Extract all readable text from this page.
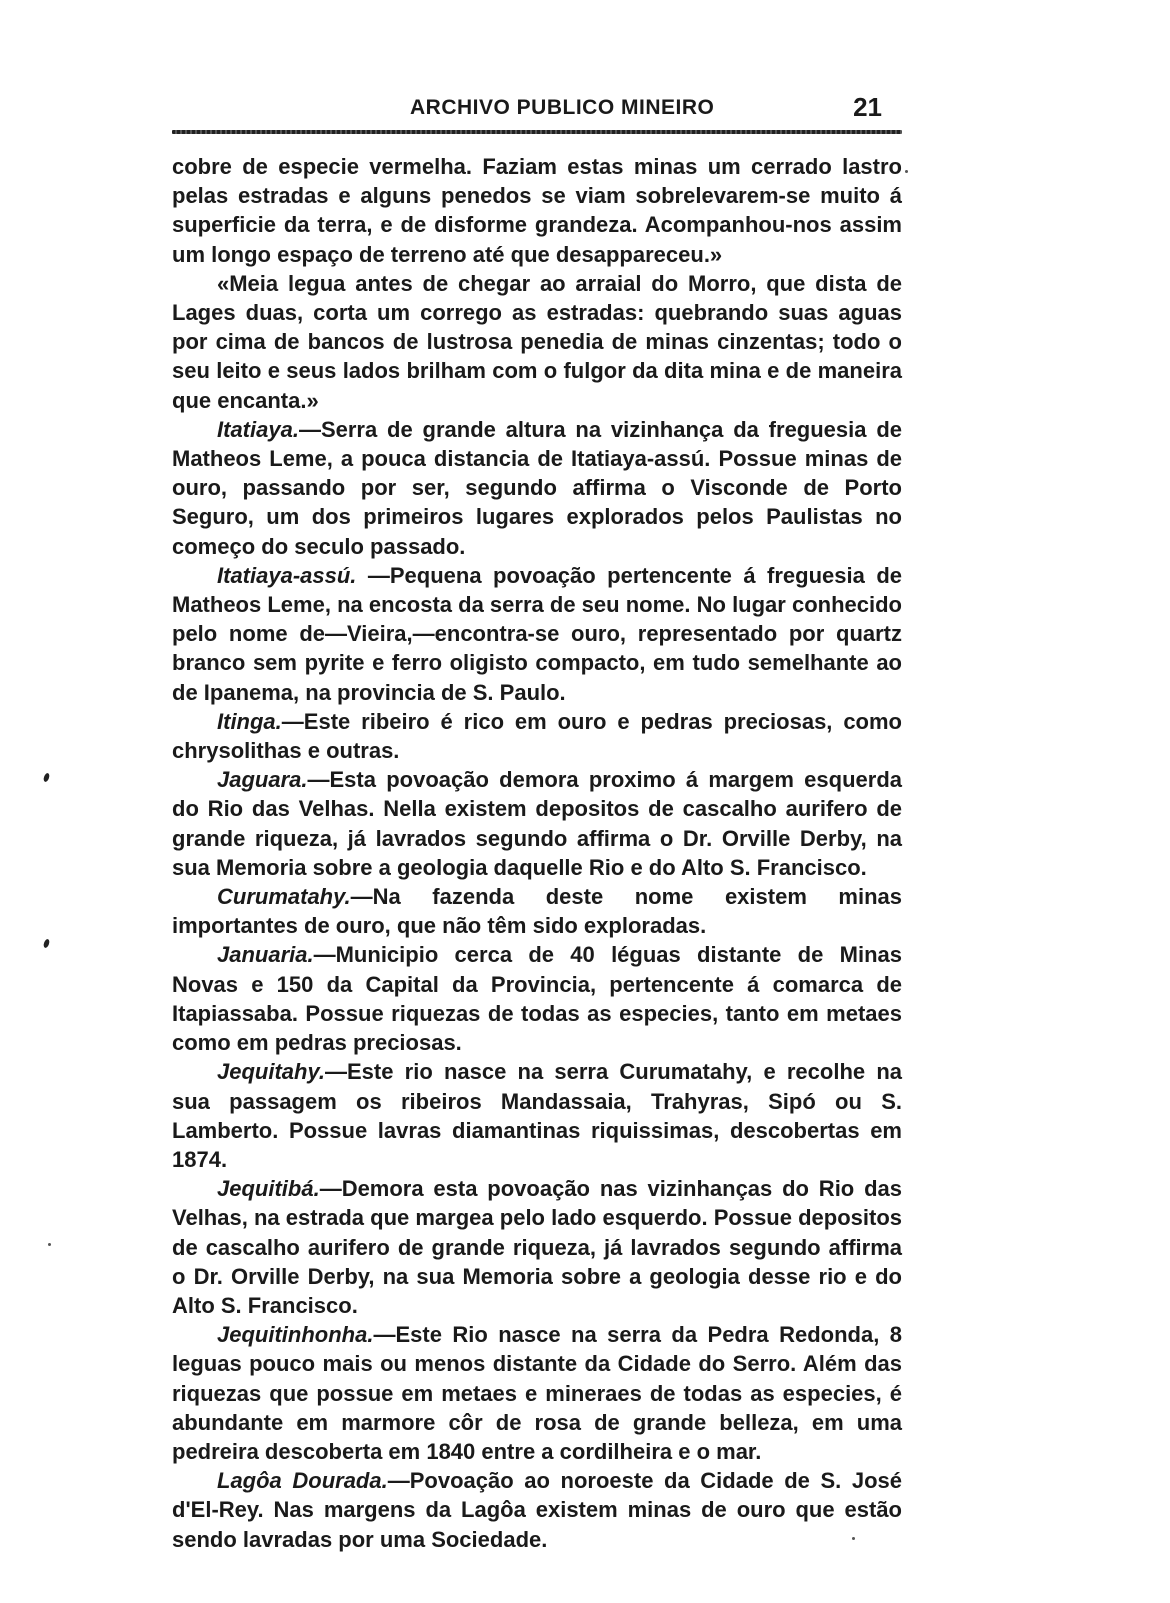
ARCHIVO PUBLICO MINEIRO	21

cobre de especie vermelha. Faziam estas minas um cerrado lastro pelas estradas e alguns penedos se viam sobrelevarem-se muito á superficie da terra, e de disforme grandeza. Acompanhou-nos assim um longo espaço de terreno até que desappareceu.»

«Meia legua antes de chegar ao arraial do Morro, que dista de Lages duas, corta um corrego as estradas: quebrando suas aguas por cima de bancos de lustrosa penedia de minas cinzentas; todo o seu leito e seus lados brilham com o fulgor da dita mina e de maneira que encanta.»

Itatiaya.—Serra de grande altura na vizinhança da freguesia de Matheos Leme, a pouca distancia de Itatiaya-assú. Possue minas de ouro, passando por ser, segundo affirma o Visconde de Porto Seguro, um dos primeiros lugares explorados pelos Paulistas no começo do seculo passado.

Itatiaya-assú. —Pequena povoação pertencente á freguesia de Matheos Leme, na encosta da serra de seu nome. No lugar conhecido pelo nome de—Vieira,—encontra-se ouro, representado por quartz branco sem pyrite e ferro oligisto compacto, em tudo semelhante ao de Ipanema, na provincia de S. Paulo.

Itinga.—Este ribeiro é rico em ouro e pedras preciosas, como chrysolithas e outras.

Jaguara.—Esta povoação demora proximo á margem esquerda do Rio das Velhas. Nella existem depositos de cascalho aurifero de grande riqueza, já lavrados segundo affirma o Dr. Orville Derby, na sua Memoria sobre a geologia daquelle Rio e do Alto S. Francisco.

Curumatahy.—Na fazenda deste nome existem minas importantes de ouro, que não têm sido exploradas.

Januaria.—Municipio cerca de 40 léguas distante de Minas Novas e 150 da Capital da Provincia, pertencente á comarca de Itapiassaba. Possue riquezas de todas as especies, tanto em metaes como em pedras preciosas.

Jequitahy.—Este rio nasce na serra Curumatahy, e recolhe na sua passagem os ribeiros Mandassaia, Trahyras, Sipó ou S. Lamberto. Possue lavras diamantinas riquissimas, descobertas em 1874.

Jequitibá.—Demora esta povoação nas vizinhanças do Rio das Velhas, na estrada que margea pelo lado esquerdo. Possue depositos de cascalho aurifero de grande riqueza, já lavrados segundo affirma o Dr. Orville Derby, na sua Memoria sobre a geologia desse rio e do Alto S. Francisco.

Jequitinhonha.—Este Rio nasce na serra da Pedra Redonda, 8 leguas pouco mais ou menos distante da Cidade do Serro. Além das riquezas que possue em metaes e mineraes de todas as especies, é abundante em marmore côr de rosa de grande belleza, em uma pedreira descoberta em 1840 entre a cordilheira e o mar.

Lagôa Dourada.—Povoação ao noroeste da Cidade de S. José d'El-Rey. Nas margens da Lagôa existem minas de ouro que estão sendo lavradas por uma Sociedade.
